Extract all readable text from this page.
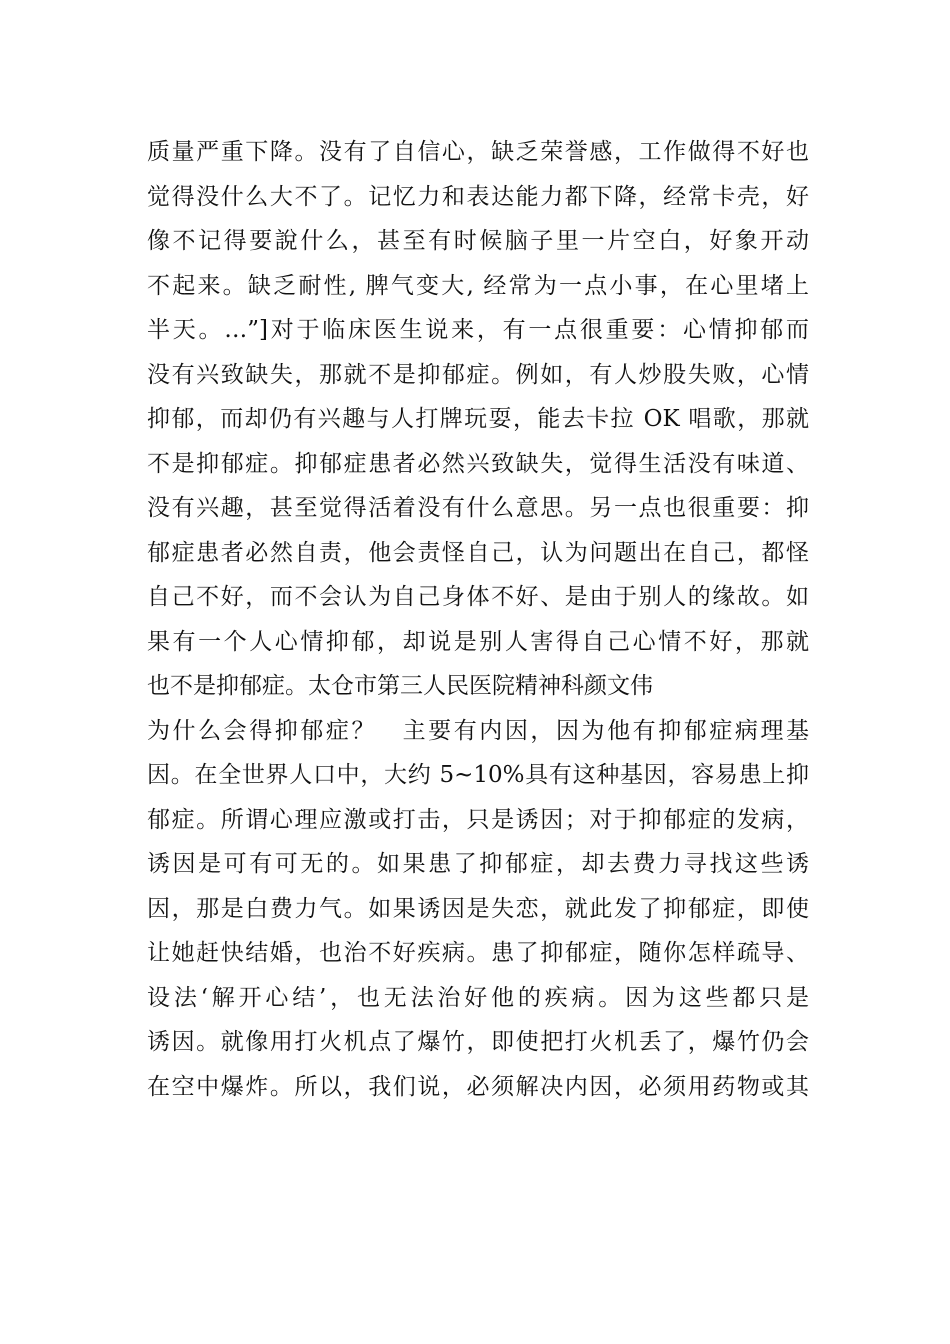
质量严重下降。没有了自信心，缺乏荣誉感，工作做得不好也
觉得没什么大不了。记忆力和表达能力都下降，经常卡壳，好
像不记得要說什么，甚至有时候脑子里一片空白，好象开动
不起来。缺乏耐性, 脾气变大, 经常为一点小事，在心里堵上
半天。…”]对于临床医生说来，有一点很重要：心情抑郁而
没有兴致缺失，那就不是抑郁症。例如，有人炒股失败，心情
抑郁，而却仍有兴趣与人打牌玩耍，能去卡拉 OK 唱歌，那就
不是抑郁症。抑郁症患者必然兴致缺失，觉得生活没有味道、
没有兴趣，甚至觉得活着没有什么意思。另一点也很重要：抑
郁症患者必然自责，他会责怪自己，认为问题出在自己，都怪
自己不好，而不会认为自己身体不好、是由于别人的缘故。如
果有一个人心情抑郁，却说是别人害得自己心情不好，那就
也不是抑郁症。太仓市第三人民医院精神科颜文伟
为什么会得抑郁症？　主要有内因，因为他有抑郁症病理基
因。在全世界人口中，大约 5~10%具有这种基因，容易患上抑
郁症。所谓心理应激或打击，只是诱因；对于抑郁症的发病，
诱因是可有可无的。如果患了抑郁症，却去费力寻找这些诱
因，那是白费力气。如果诱因是失恋，就此发了抑郁症，即使
让她赶快结婚，也治不好疾病。患了抑郁症，随你怎样疏导、
设法‘解开心结’，也无法治好他的疾病。因为这些都只是
诱因。就像用打火机点了爆竹，即使把打火机丢了，爆竹仍会
在空中爆炸。所以，我们说，必须解决内因，必须用药物或其
